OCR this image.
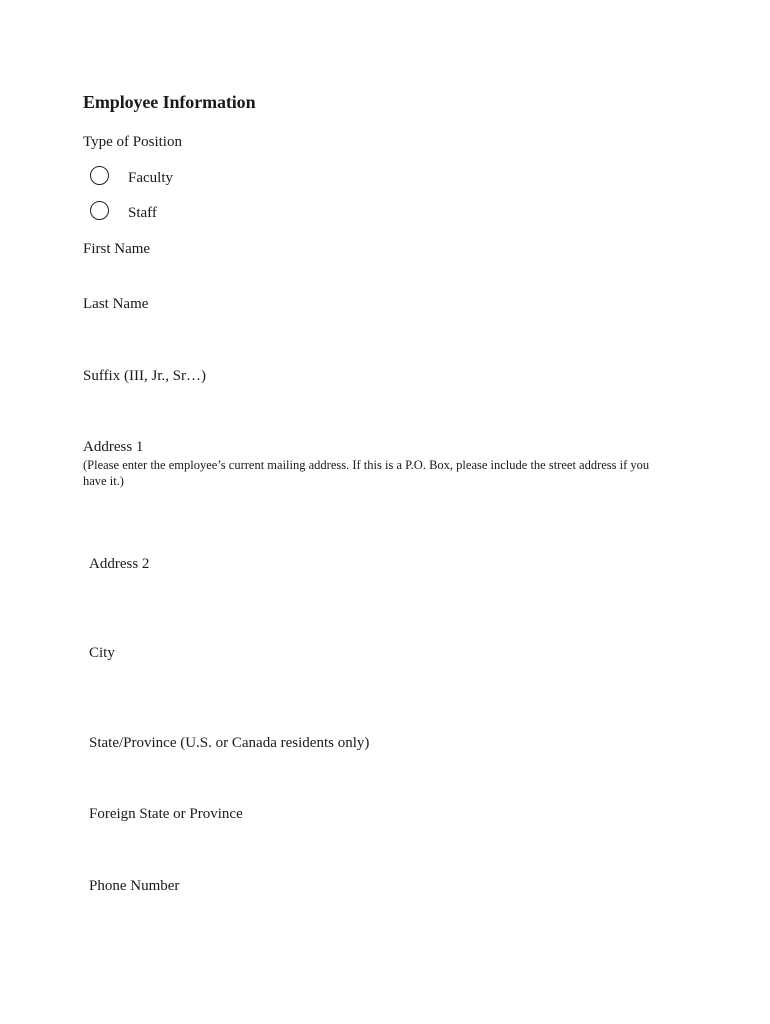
Employee Information
Type of Position
Faculty
Staff
First Name
Last Name
Suffix (III, Jr., Sr…)
Address 1
(Please enter the employee’s current mailing address. If this is a P.O. Box, please include the street address if you have it.)
Address 2
City
State/Province (U.S. or Canada residents only)
Foreign State or Province
Phone Number
